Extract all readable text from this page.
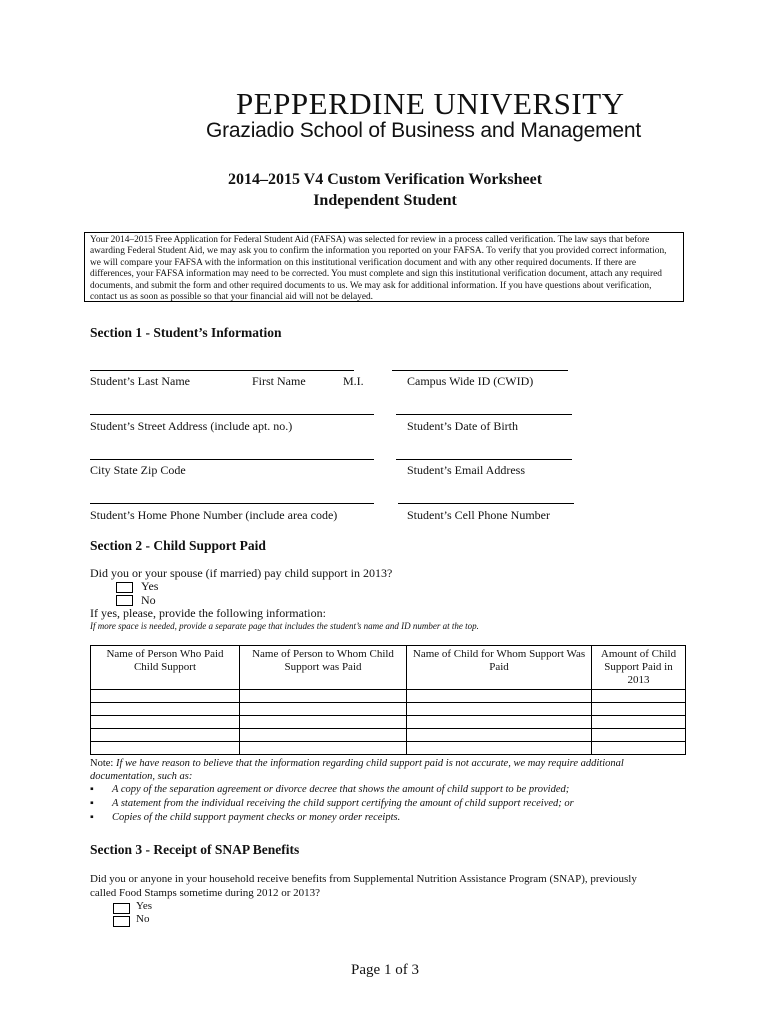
PEPPERDINE UNIVERSITY
Graziadio School of Business and Management
2014–2015 V4 Custom Verification Worksheet
Independent Student
Your 2014–2015 Free Application for Federal Student Aid (FAFSA) was selected for review in a process called verification. The law says that before awarding Federal Student Aid, we may ask you to confirm the information you reported on your FAFSA. To verify that you provided correct information, we will compare your FAFSA with the information on this institutional verification document and with any other required documents. If there are differences, your FAFSA information may need to be corrected. You must complete and sign this institutional verification document, attach any required documents, and submit the form and other required documents to us. We may ask for additional information. If you have questions about verification, contact us as soon as possible so that your financial aid will not be delayed.
Section 1 - Student’s Information
Student’s Last Name	First Name	M.I.	Campus Wide ID (CWID)
Student’s Street Address (include apt. no.)	Student’s Date of Birth
City State Zip Code	Student’s Email Address
Student’s Home Phone Number (include area code)	Student’s Cell Phone Number
Section 2 - Child Support Paid
Did you or your spouse (if married) pay child support in 2013?
Yes
No
If yes, please, provide the following information:
If more space is needed, provide a separate page that includes the student’s name and ID number at the top.
Name of Person Who Paid Child Support	Name of Person to Whom Child Support was Paid	Name of Child for Whom Support Was Paid	Amount of Child Support Paid in 2013

Note: If we have reason to believe that the information regarding child support paid is not accurate, we may require additional documentation, such as:
▪ A copy of the separation agreement or divorce decree that shows the amount of child support to be provided;
▪ A statement from the individual receiving the child support certifying the amount of child support received; or
▪ Copies of the child support payment checks or money order receipts.
Section 3 - Receipt of SNAP Benefits
Did you or anyone in your household receive benefits from Supplemental Nutrition Assistance Program (SNAP), previously
called Food Stamps sometime during 2012 or 2013?
Yes
No
Page 1 of 3
